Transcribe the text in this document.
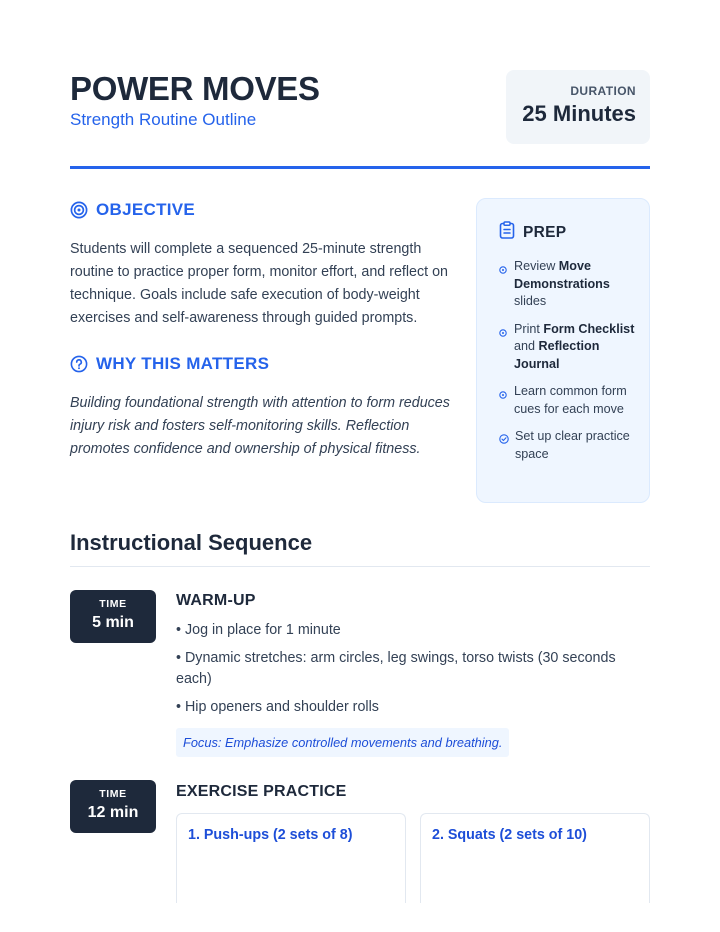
POWER MOVES
Strength Routine Outline
DURATION
25 Minutes
OBJECTIVE

Students will complete a sequenced 25-minute strength routine to practice proper form, monitor effort, and reflect on technique. Goals include safe execution of body-weight exercises and self-awareness through guided prompts.

WHY THIS MATTERS

Building foundational strength with attention to form reduces injury risk and fosters self-monitoring skills. Reflection promotes confidence and ownership of physical fitness.

PREP
Review Move Demonstrations slides
Print Form Checklist and Reflection Journal
Learn common form cues for each move
Set up clear practice space
Instructional Sequence
TIME
5 min
WARM-UP
• Jog in place for 1 minute
• Dynamic stretches: arm circles, leg swings, torso twists (30 seconds each)
• Hip openers and shoulder rolls
Focus: Emphasize controlled movements and breathing.
TIME
12 min
EXERCISE PRACTICE
1. Push-ups (2 sets of 8)	2. Squats (2 sets of 10)
